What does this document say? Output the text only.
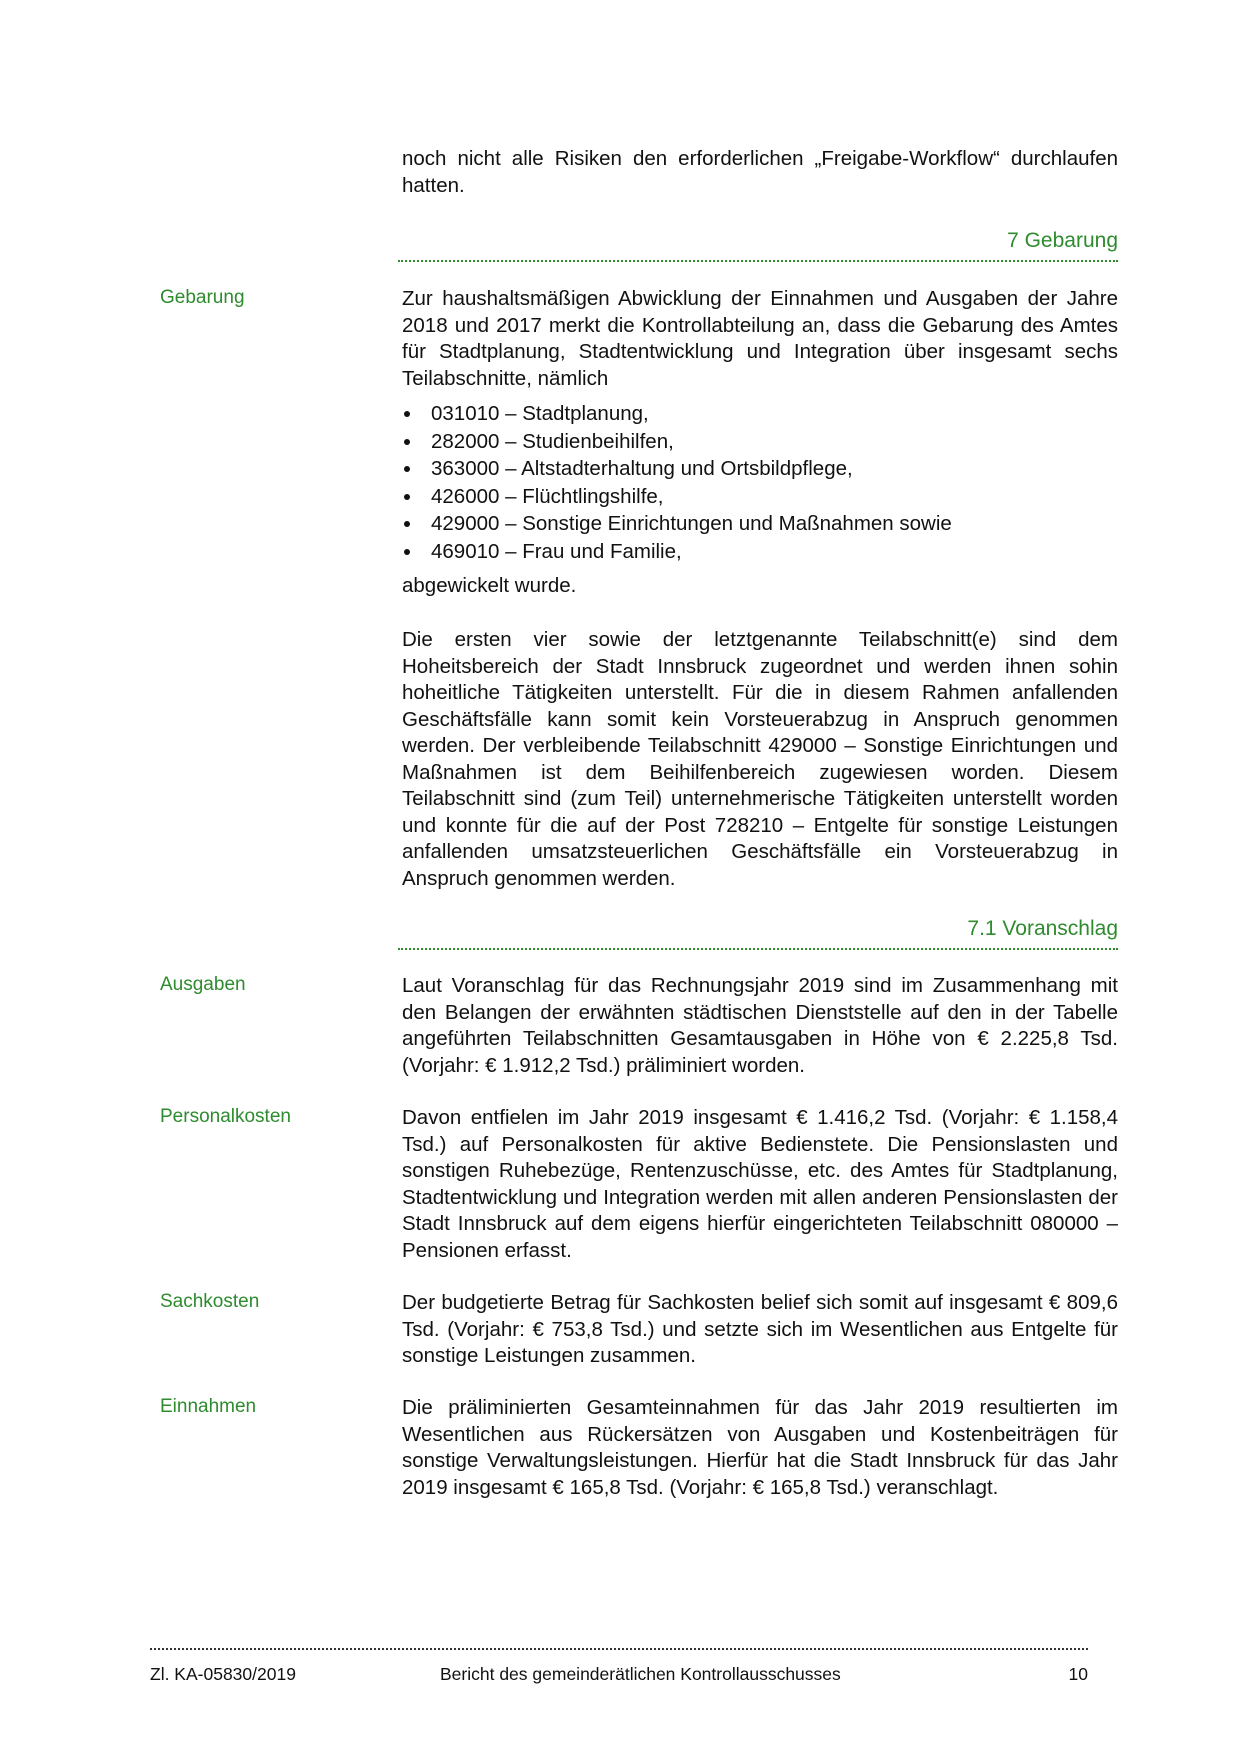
noch nicht alle Risiken den erforderlichen „Freigabe-Workflow“ durchlaufen hatten.

7 Gebarung

Gebarung	Zur haushaltsmäßigen Abwicklung der Einnahmen und Ausgaben der Jahre 2018 und 2017 merkt die Kontrollabteilung an, dass die Gebarung des Amtes für Stadtplanung, Stadtentwicklung und Integration über insgesamt sechs Teilabschnitte, nämlich

031010 – Stadtplanung,
282000 – Studienbeihilfen,
363000 – Altstadterhaltung und Ortsbildpflege,
426000 – Flüchtlingshilfe,
429000 – Sonstige Einrichtungen und Maßnahmen sowie
469010 – Frau und Familie,

abgewickelt wurde.

Die ersten vier sowie der letztgenannte Teilabschnitt(e) sind dem Hoheitsbereich der Stadt Innsbruck zugeordnet und werden ihnen sohin hoheitliche Tätigkeiten unterstellt. Für die in diesem Rahmen anfallenden Geschäftsfälle kann somit kein Vorsteuerabzug in Anspruch genommen werden. Der verbleibende Teilabschnitt 429000 – Sonstige Einrichtungen und Maßnahmen ist dem Beihilfenbereich zugewiesen worden. Diesem Teilabschnitt sind (zum Teil) unternehmerische Tätigkeiten unterstellt worden und konnte für die auf der Post 728210 – Entgelte für sonstige Leistungen anfallenden umsatzsteuerlichen Geschäftsfälle ein Vorsteuerabzug in Anspruch genommen werden.

7.1 Voranschlag

Ausgaben	Laut Voranschlag für das Rechnungsjahr 2019 sind im Zusammenhang mit den Belangen der erwähnten städtischen Dienststelle auf den in der Tabelle angeführten Teilabschnitten Gesamtausgaben in Höhe von € 2.225,8 Tsd. (Vorjahr: € 1.912,2 Tsd.) präliminiert worden.

Personalkosten	Davon entfielen im Jahr 2019 insgesamt € 1.416,2 Tsd. (Vorjahr: € 1.158,4 Tsd.) auf Personalkosten für aktive Bedienstete. Die Pensionslasten und sonstigen Ruhebezüge, Rentenzuschüsse, etc. des Amtes für Stadtplanung, Stadtentwicklung und Integration werden mit allen anderen Pensionslasten der Stadt Innsbruck auf dem eigens hierfür eingerichteten Teilabschnitt 080000 – Pensionen erfasst.

Sachkosten	Der budgetierte Betrag für Sachkosten belief sich somit auf insgesamt € 809,6 Tsd. (Vorjahr: € 753,8 Tsd.) und setzte sich im Wesentlichen aus Entgelte für sonstige Leistungen zusammen.

Einnahmen	Die präliminierten Gesamteinnahmen für das Jahr 2019 resultierten im Wesentlichen aus Rückersätzen von Ausgaben und Kostenbeiträgen für sonstige Verwaltungsleistungen. Hierfür hat die Stadt Innsbruck für das Jahr 2019 insgesamt € 165,8 Tsd. (Vorjahr: € 165,8 Tsd.) veranschlagt.

Zl. KA-05830/2019	Bericht des gemeinderätlichen Kontrollausschusses	10
